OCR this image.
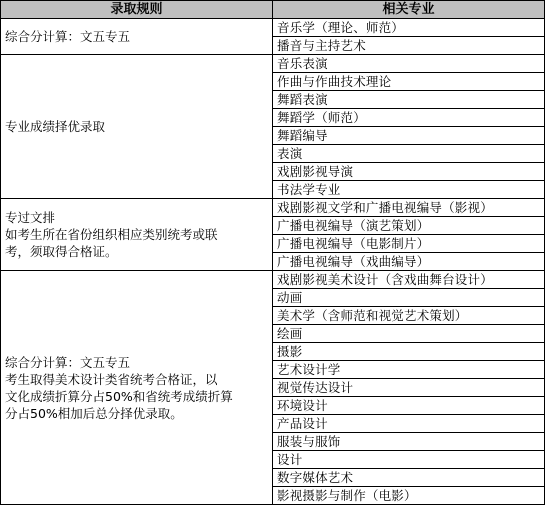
录取规则	相关专业

综合分计算：文五专五	音乐学（理论、师范）
	播音与主持艺术

专业成绩择优录取	音乐表演
	作曲与作曲技术理论
	舞蹈表演
	舞蹈学（师范）
	舞蹈编导
	表演
	戏剧影视导演
	书法学专业

专过文排
如考生所在省份组织相应类别统考或联
考，须取得合格证。	戏剧影视文学和广播电视编导（影视）
	广播电视编导（演艺策划）
	广播电视编导（电影制片）
	广播电视编导（戏曲编导）

综合分计算：文五专五
考生取得美术设计类省统考合格证，以
文化成绩折算分占50%和省统考成绩折算
分占50%相加后总分择优录取。	戏剧影视美术设计（含戏曲舞台设计）
	动画
	美术学（含师范和视觉艺术策划）
	绘画
	摄影
	艺术设计学
	视觉传达设计
	环境设计
	产品设计
	服装与服饰
	设计
	数字媒体艺术
	影视摄影与制作（电影）
